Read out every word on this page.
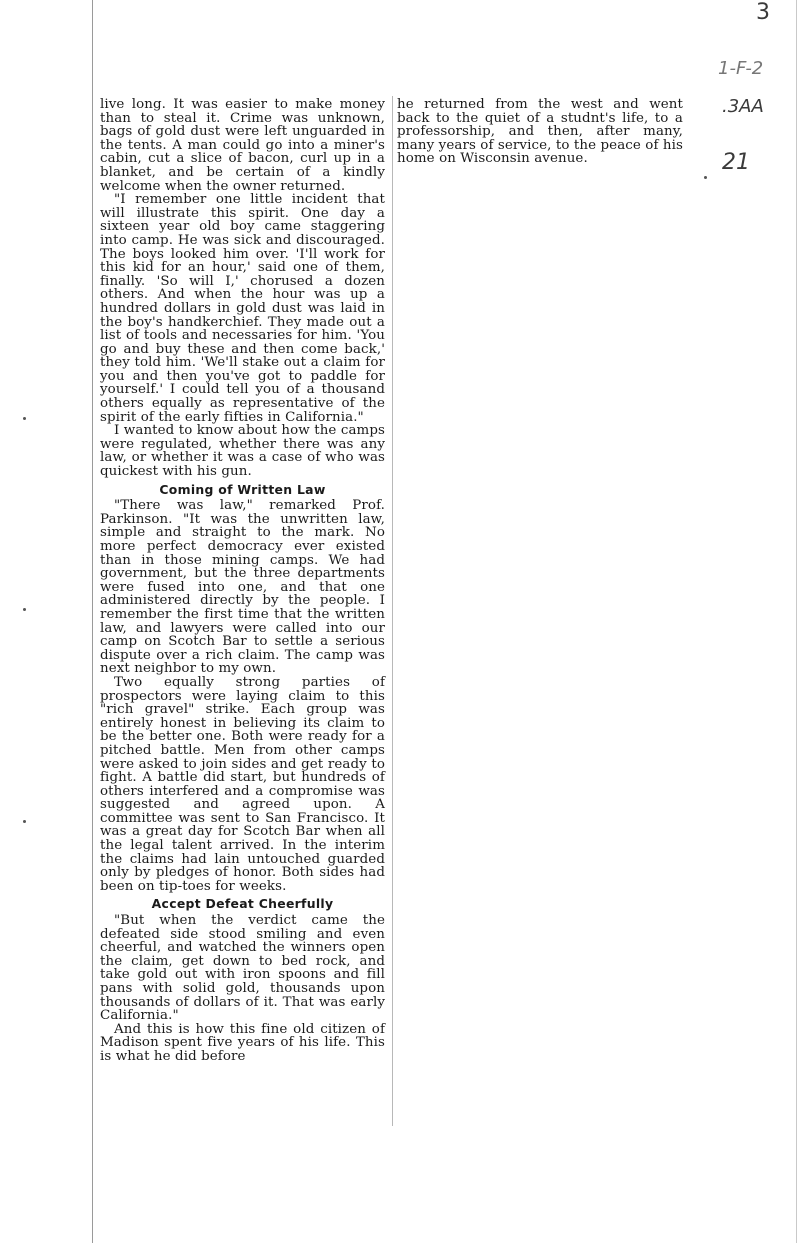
3
1-F-2
.3AA
21

live long. It was easier to make money than to steal it. Crime was unknown, bags of gold dust were left unguarded in the tents. A man could go into a miner's cabin, cut a slice of bacon, curl up in a blanket, and be certain of a kindly welcome when the owner returned.

"I remember one little incident that will illustrate this spirit. One day a sixteen year old boy came staggering into camp. He was sick and discouraged. The boys looked him over. 'I'll work for this kid for an hour,' said one of them, finally. 'So will I,' chorused a dozen others. And when the hour was up a hundred dollars in gold dust was laid in the boy's handkerchief. They made out a list of tools and necessaries for him. 'You go and buy these and then come back,' they told him. 'We'll stake out a claim for you and then you've got to paddle for yourself.' I could tell you of a thousand others equally as representative of the spirit of the early fifties in California."

I wanted to know about how the camps were regulated, whether there was any law, or whether it was a case of who was quickest with his gun.

Coming of Written Law

"There was law," remarked Prof. Parkinson. "It was the unwritten law, simple and straight to the mark. No more perfect democracy ever existed than in those mining camps. We had government, but the three departments were fused into one, and that one administered directly by the people. I remember the first time that the written law, and lawyers were called into our camp on Scotch Bar to settle a serious dispute over a rich claim. The camp was next neighbor to my own.

Two equally strong parties of prospectors were laying claim to this "rich gravel" strike. Each group was entirely honest in believing its claim to be the better one. Both were ready for a pitched battle. Men from other camps were asked to join sides and get ready to fight. A battle did start, but hundreds of others interfered and a compromise was suggested and agreed upon. A committee was sent to San Francisco. It was a great day for Scotch Bar when all the legal talent arrived. In the interim the claims had lain untouched guarded only by pledges of honor. Both sides had been on tip-toes for weeks.

Accept Defeat Cheerfully

"But when the verdict came the defeated side stood smiling and even cheerful, and watched the winners open the claim, get down to bed rock, and take gold out with iron spoons and fill pans with solid gold, thousands upon thousands of dollars of it. That was early California."

And this is how this fine old citizen of Madison spent five years of his life. This is what he did before

he returned from the west and went back to the quiet of a studnt's life, to a professorship, and then, after many, many years of service, to the peace of his home on Wisconsin avenue.
